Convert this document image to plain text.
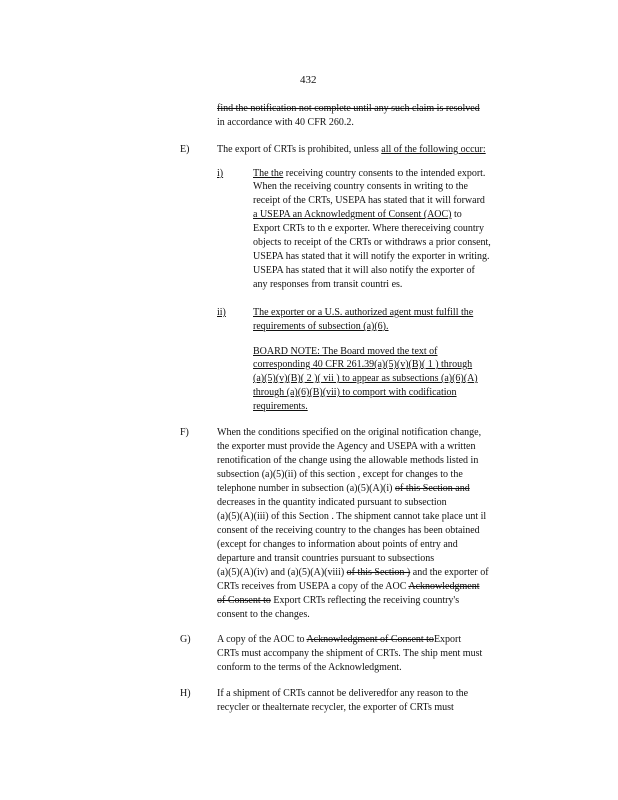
432
find the notification not complete until any such claim is resolved
in accordance with 40 CFR 260.2.
E)	The export of CRTs is prohibited, unless all of the following occur:
i)	The the receiving country consents to the intended export.
When the receiving country consents in writing to the
receipt of the CRTs, USEPA has stated that it will forward
a USEPA an Acknowledgment of Consent (AOC) to
Export CRTs to th e exporter. Where thereceiving country
objects to receipt of the CRTs or withdraws a prior consent,
USEPA has stated that it will notify the exporter in writing.
USEPA has stated that it will also notify the exporter of
any responses from transit countri es.
ii)	The exporter or a U.S. authorized agent must fulfill the
requirements of subsection (a)(6).
BOARD NOTE: The Board moved the text of
corresponding 40 CFR 261.39(a)(5)(v)(B)( 1 ) through
(a)(5)(v)(B)( 2 )( vii ) to appear as subsections (a)(6)(A)
through (a)(6)(B)(vii) to comport with codification
requirements.
F)	When the conditions specified on the original notification change,
the exporter must provide the Agency and USEPA with a written
renotification of the change using the allowable methods listed in
subsection (a)(5)(ii) of this section , except for changes to the
telephone number in subsection (a)(5)(A)(i) of this Section and
decreases in the quantity indicated pursuant to subsection
(a)(5)(A)(iii) of this Section . The shipment cannot take place unt il
consent of the receiving country to the changes has been obtained
(except for changes to information about points of entry and
departure and transit countries pursuant to subsections
(a)(5)(A)(iv) and (a)(5)(A)(viii) of this Section ) and the exporter of
CRTs receives from USEPA a copy of the AOC Acknowledgment
of Consent to Export CRTs reflecting the receiving country's
consent to the changes.
G)	A copy of the AOC to Acknowledgment of Consent toExport
CRTs must accompany the shipment of CRTs. The ship ment must
conform to the terms of the Acknowledgment.
H)	If a shipment of CRTs cannot be deliveredfor any reason to the
recycler or thealternate recycler, the exporter of CRTs must
